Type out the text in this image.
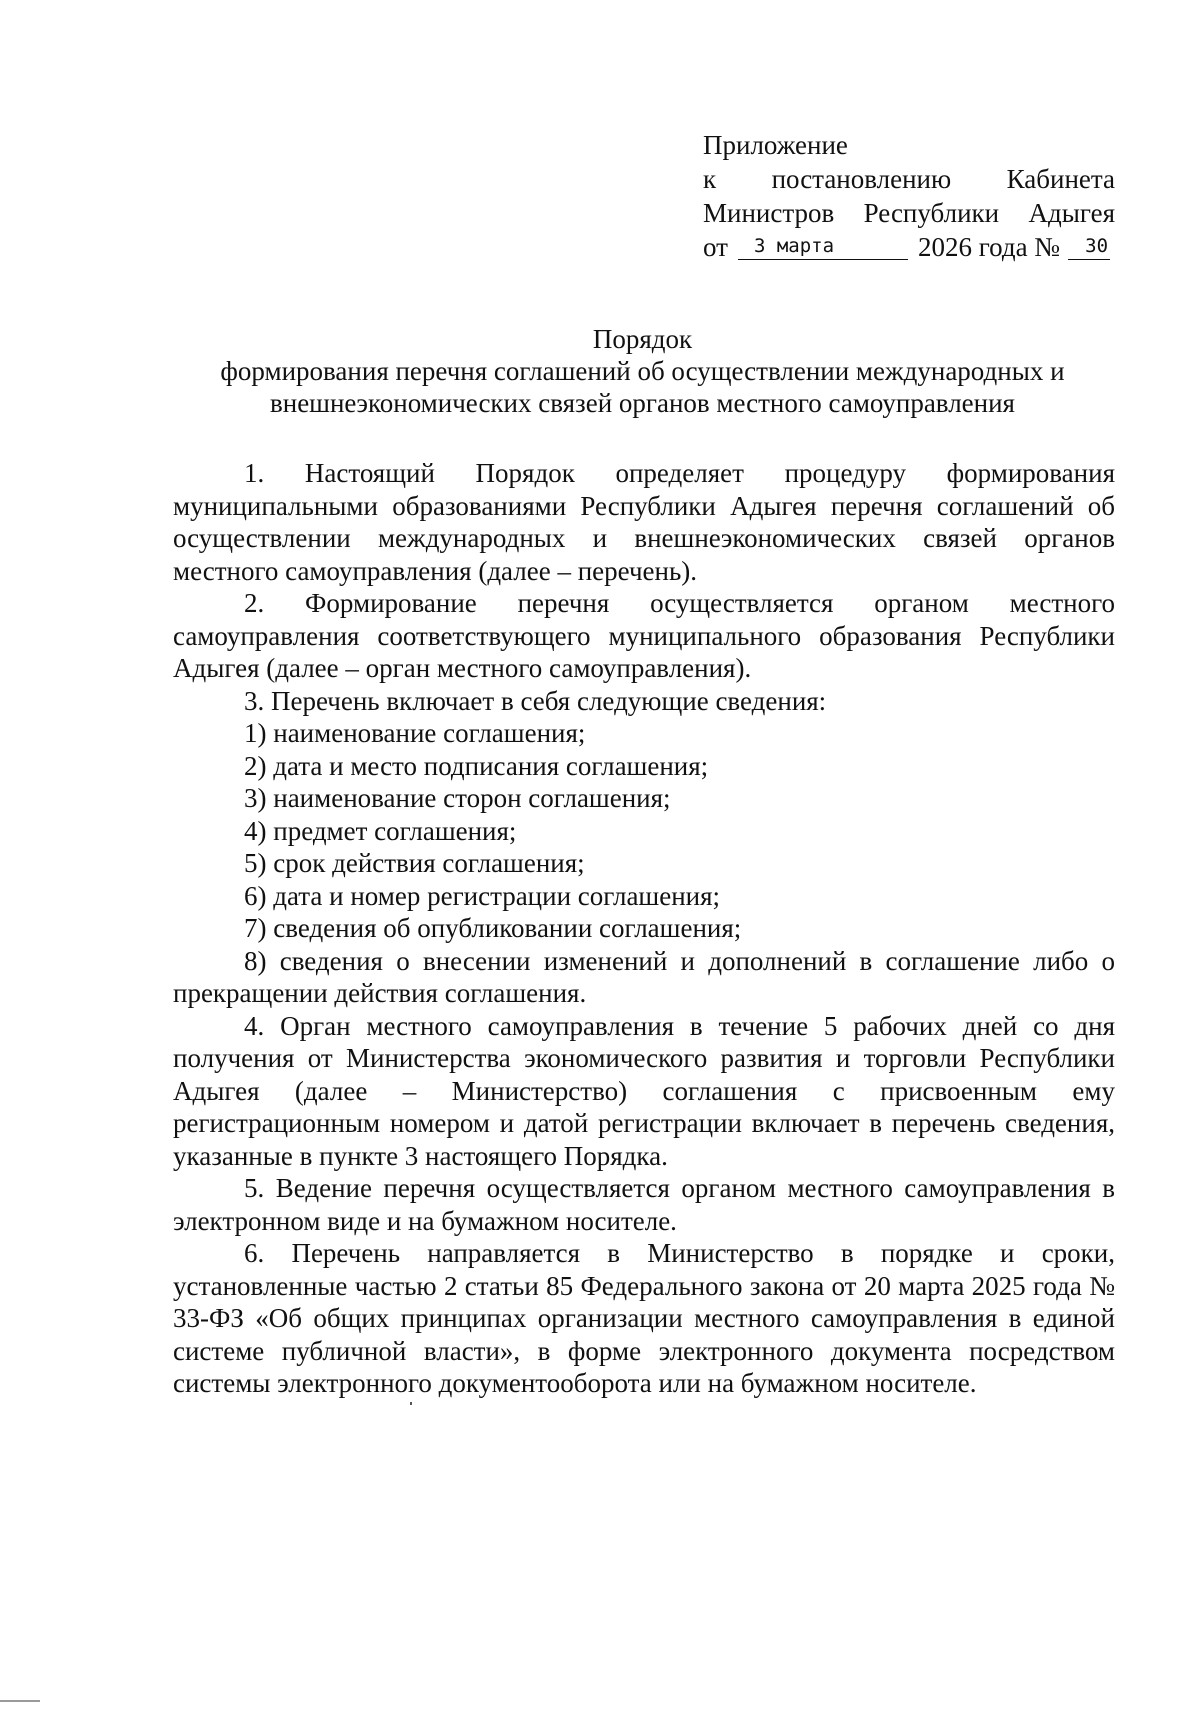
Приложение
к постановлению Кабинета
Министров Республики Адыгея
от	3 марта	2026 года №	30
Порядок
формирования перечня соглашений об осуществлении международных и
внешнеэкономических связей органов местного самоуправления

1. Настоящий Порядок определяет процедуру формирования муниципальными образованиями Республики Адыгея перечня соглашений об осуществлении международных и внешнеэкономических связей органов местного самоуправления (далее – перечень).

2. Формирование перечня осуществляется органом местного самоуправления соответствующего муниципального образования Республики Адыгея (далее – орган местного самоуправления).

3. Перечень включает в себя следующие сведения:

1) наименование соглашения;

2) дата и место подписания соглашения;

3) наименование сторон соглашения;

4) предмет соглашения;

5) срок действия соглашения;

6) дата и номер регистрации соглашения;

7) сведения об опубликовании соглашения;

8) сведения о внесении изменений и дополнений в соглашение либо о прекращении действия соглашения.

4. Орган местного самоуправления в течение 5 рабочих дней со дня получения от Министерства экономического развития и торговли Республики Адыгея (далее – Министерство) соглашения с присвоенным ему регистрационным номером и датой регистрации включает в перечень сведения, указанные в пункте 3 настоящего Порядка.

5. Ведение перечня осуществляется органом местного самоуправления в электронном виде и на бумажном носителе.

6. Перечень направляется в Министерство в порядке и сроки, установленные частью 2 статьи 85 Федерального закона от 20 марта 2025 года № 33-ФЗ «Об общих принципах организации местного самоуправления в единой системе публичной власти», в форме электронного документа посредством системы электронного документооборота или на бумажном носителе.
